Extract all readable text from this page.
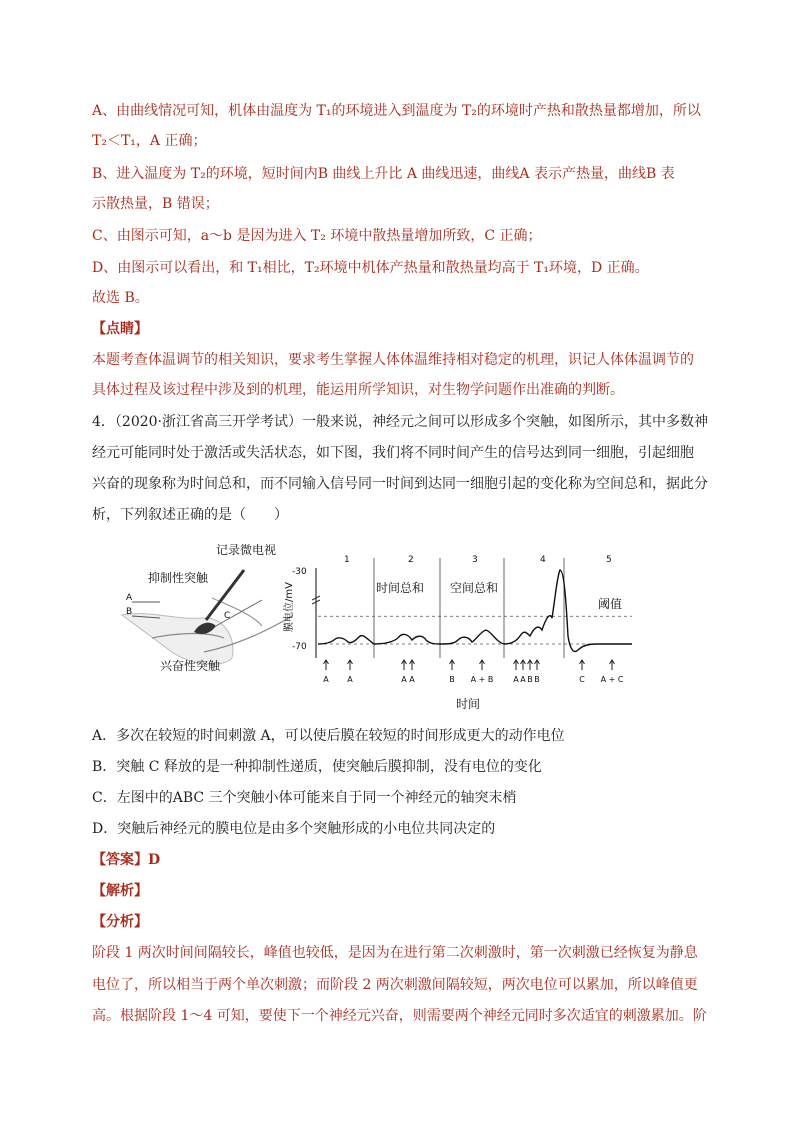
A、由曲线情况可知，机体由温度为 T₁的环境进入到温度为 T₂的环境时产热和散热量都增加，所以
T₂＜T₁，A 正确；
B、进入温度为 T₂的环境，短时间内B 曲线上升比 A 曲线迅速，曲线A 表示产热量，曲线B 表
示散热量，B 错误；
C、由图示可知，a～b 是因为进入 T₂ 环境中散热量增加所致，C 正确；
D、由图示可以看出，和 T₁相比，T₂环境中机体产热量和散热量均高于 T₁环境，D 正确。
故选 B。
【点睛】
本题考查体温调节的相关知识，要求考生掌握人体体温维持相对稳定的机理，识记人体体温调节的
具体过程及该过程中涉及到的机理，能运用所学知识，对生物学问题作出准确的判断。
4．（2020·浙江省高三开学考试）一般来说，神经元之间可以形成多个突触，如图所示，其中多数神
经元可能同时处于激活或失活状态，如下图，我们将不同时间产生的信号达到同一细胞，引起细胞
兴奋的现象称为时间总和，而不同输入信号同一时间到达同一细胞引起的变化称为空间总和，据此分
析，下列叙述正确的是（　　）
抑制性突触
记录微电视
兴奋性突触
A
B	C
-30
-70
膜电位/mV
1	2	3	4	5
时间总和 空间总和
阈值
A A	A A	B A + B A A B B	C A + C
时间
A．多次在较短的时间刺激 A，可以使后膜在较短的时间形成更大的动作电位
B．突触 C 释放的是一种抑制性递质，使突触后膜抑制，没有电位的变化
C．左图中的ABC 三个突触小体可能来自于同一个神经元的轴突末梢
D．突触后神经元的膜电位是由多个突触形成的小电位共同决定的
【答案】D
【解析】
【分析】
阶段 1 两次时间间隔较长，峰值也较低，是因为在进行第二次刺激时，第一次刺激已经恢复为静息
电位了，所以相当于两个单次刺激；而阶段 2 两次刺激间隔较短，两次电位可以累加，所以峰值更
高。根据阶段 1～4 可知，要使下一个神经元兴奋，则需要两个神经元同时多次适宜的刺激累加。阶
